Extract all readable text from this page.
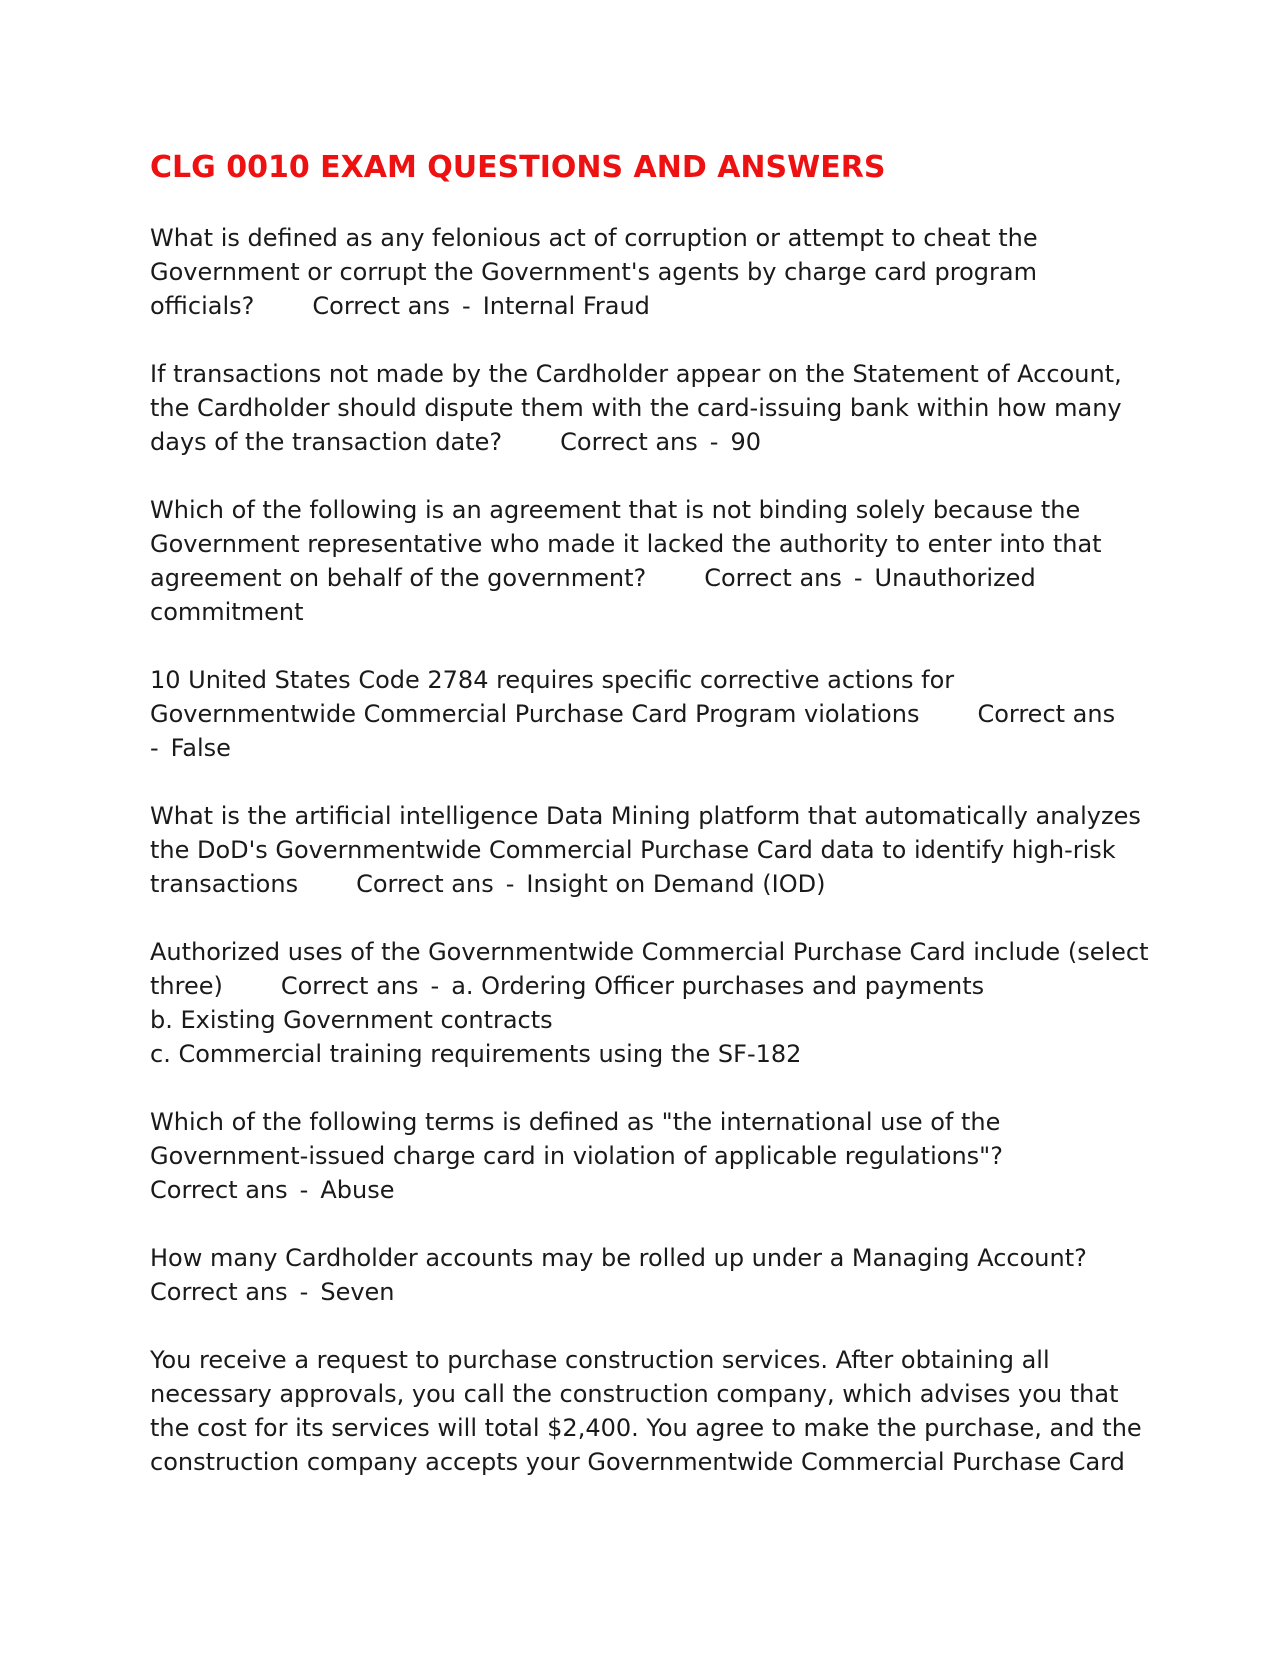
CLG 0010 EXAM QUESTIONS AND ANSWERS
What is defined as any felonious act of corruption or attempt to cheat the
Government or corrupt the Government's agents by charge card program
officials? Correct ans - Internal Fraud
If transactions not made by the Cardholder appear on the Statement of Account,
the Cardholder should dispute them with the card-issuing bank within how many
days of the transaction date? Correct ans - 90
Which of the following is an agreement that is not binding solely because the
Government representative who made it lacked the authority to enter into that
agreement on behalf of the government? Correct ans - Unauthorized
commitment
10 United States Code 2784 requires specific corrective actions for
Governmentwide Commercial Purchase Card Program violations Correct ans
- False
What is the artificial intelligence Data Mining platform that automatically analyzes
the DoD's Governmentwide Commercial Purchase Card data to identify high-risk
transactions Correct ans - Insight on Demand (IOD)
Authorized uses of the Governmentwide Commercial Purchase Card include (select
three) Correct ans - a. Ordering Officer purchases and payments
b. Existing Government contracts
c. Commercial training requirements using the SF-182
Which of the following terms is defined as "the international use of the
Government-issued charge card in violation of applicable regulations"?
Correct ans - Abuse
How many Cardholder accounts may be rolled up under a Managing Account?
Correct ans - Seven
You receive a request to purchase construction services. After obtaining all
necessary approvals, you call the construction company, which advises you that
the cost for its services will total $2,400. You agree to make the purchase, and the
construction company accepts your Governmentwide Commercial Purchase Card
